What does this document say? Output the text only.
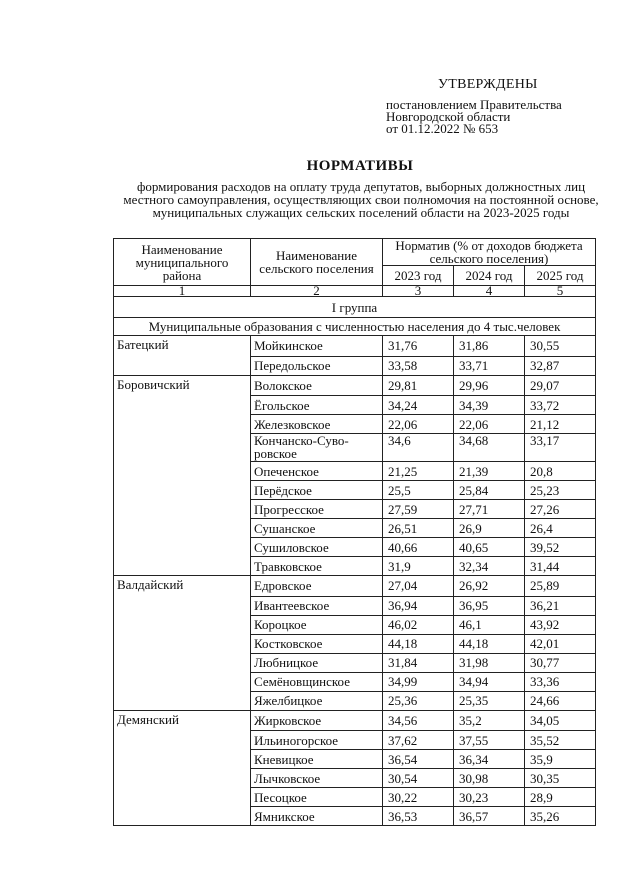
УТВЕРЖДЕНЫ
постановлением Правительства
Новгородской области
от 01.12.2022 № 653
НОРМАТИВЫ
формирования расходов на оплату труда депутатов, выборных должностных лиц местного самоуправления, осуществляющих свои полномочия на постоянной основе, муниципальных служащих сельских поселений области на 2023-2025 годы
Наименование муниципального района	Наименование сельского поселения	Норматив (% от доходов бюджета сельского поселения)		
		2023 год	2024 год	2025 год
1	2	3	4	5
I группа				
Муниципальные образования с численностью населения до 4 тыс.человек				
Батецкий	Мойкинское	31,76	31,86	30,55
	Передольское	33,58	33,71	32,87
Боровичский	Волокское	29,81	29,96	29,07
	Ёгольское	34,24	34,39	33,72
	Железковское	22,06	22,06	21,12
	Кончанско-Суво-ровское	34,6	34,68	33,17
	Опеченское	21,25	21,39	20,8
	Перёдское	25,5	25,84	25,23
	Прогресское	27,59	27,71	27,26
	Сушанское	26,51	26,9	26,4
	Сушиловское	40,66	40,65	39,52
	Травковское	31,9	32,34	31,44
Валдайский	Едровское	27,04	26,92	25,89
	Ивантеевское	36,94	36,95	36,21
	Короцкое	46,02	46,1	43,92
	Костковское	44,18	44,18	42,01
	Любницкое	31,84	31,98	30,77
	Семёновщинское	34,99	34,94	33,36
	Яжелбицкое	25,36	25,35	24,66
Демянский	Жирковское	34,56	35,2	34,05
	Ильиногорское	37,62	37,55	35,52
	Кневицкое	36,54	36,34	35,9
	Лычковское	30,54	30,98	30,35
	Песоцкое	30,22	30,23	28,9
	Ямникское	36,53	36,57	35,26
